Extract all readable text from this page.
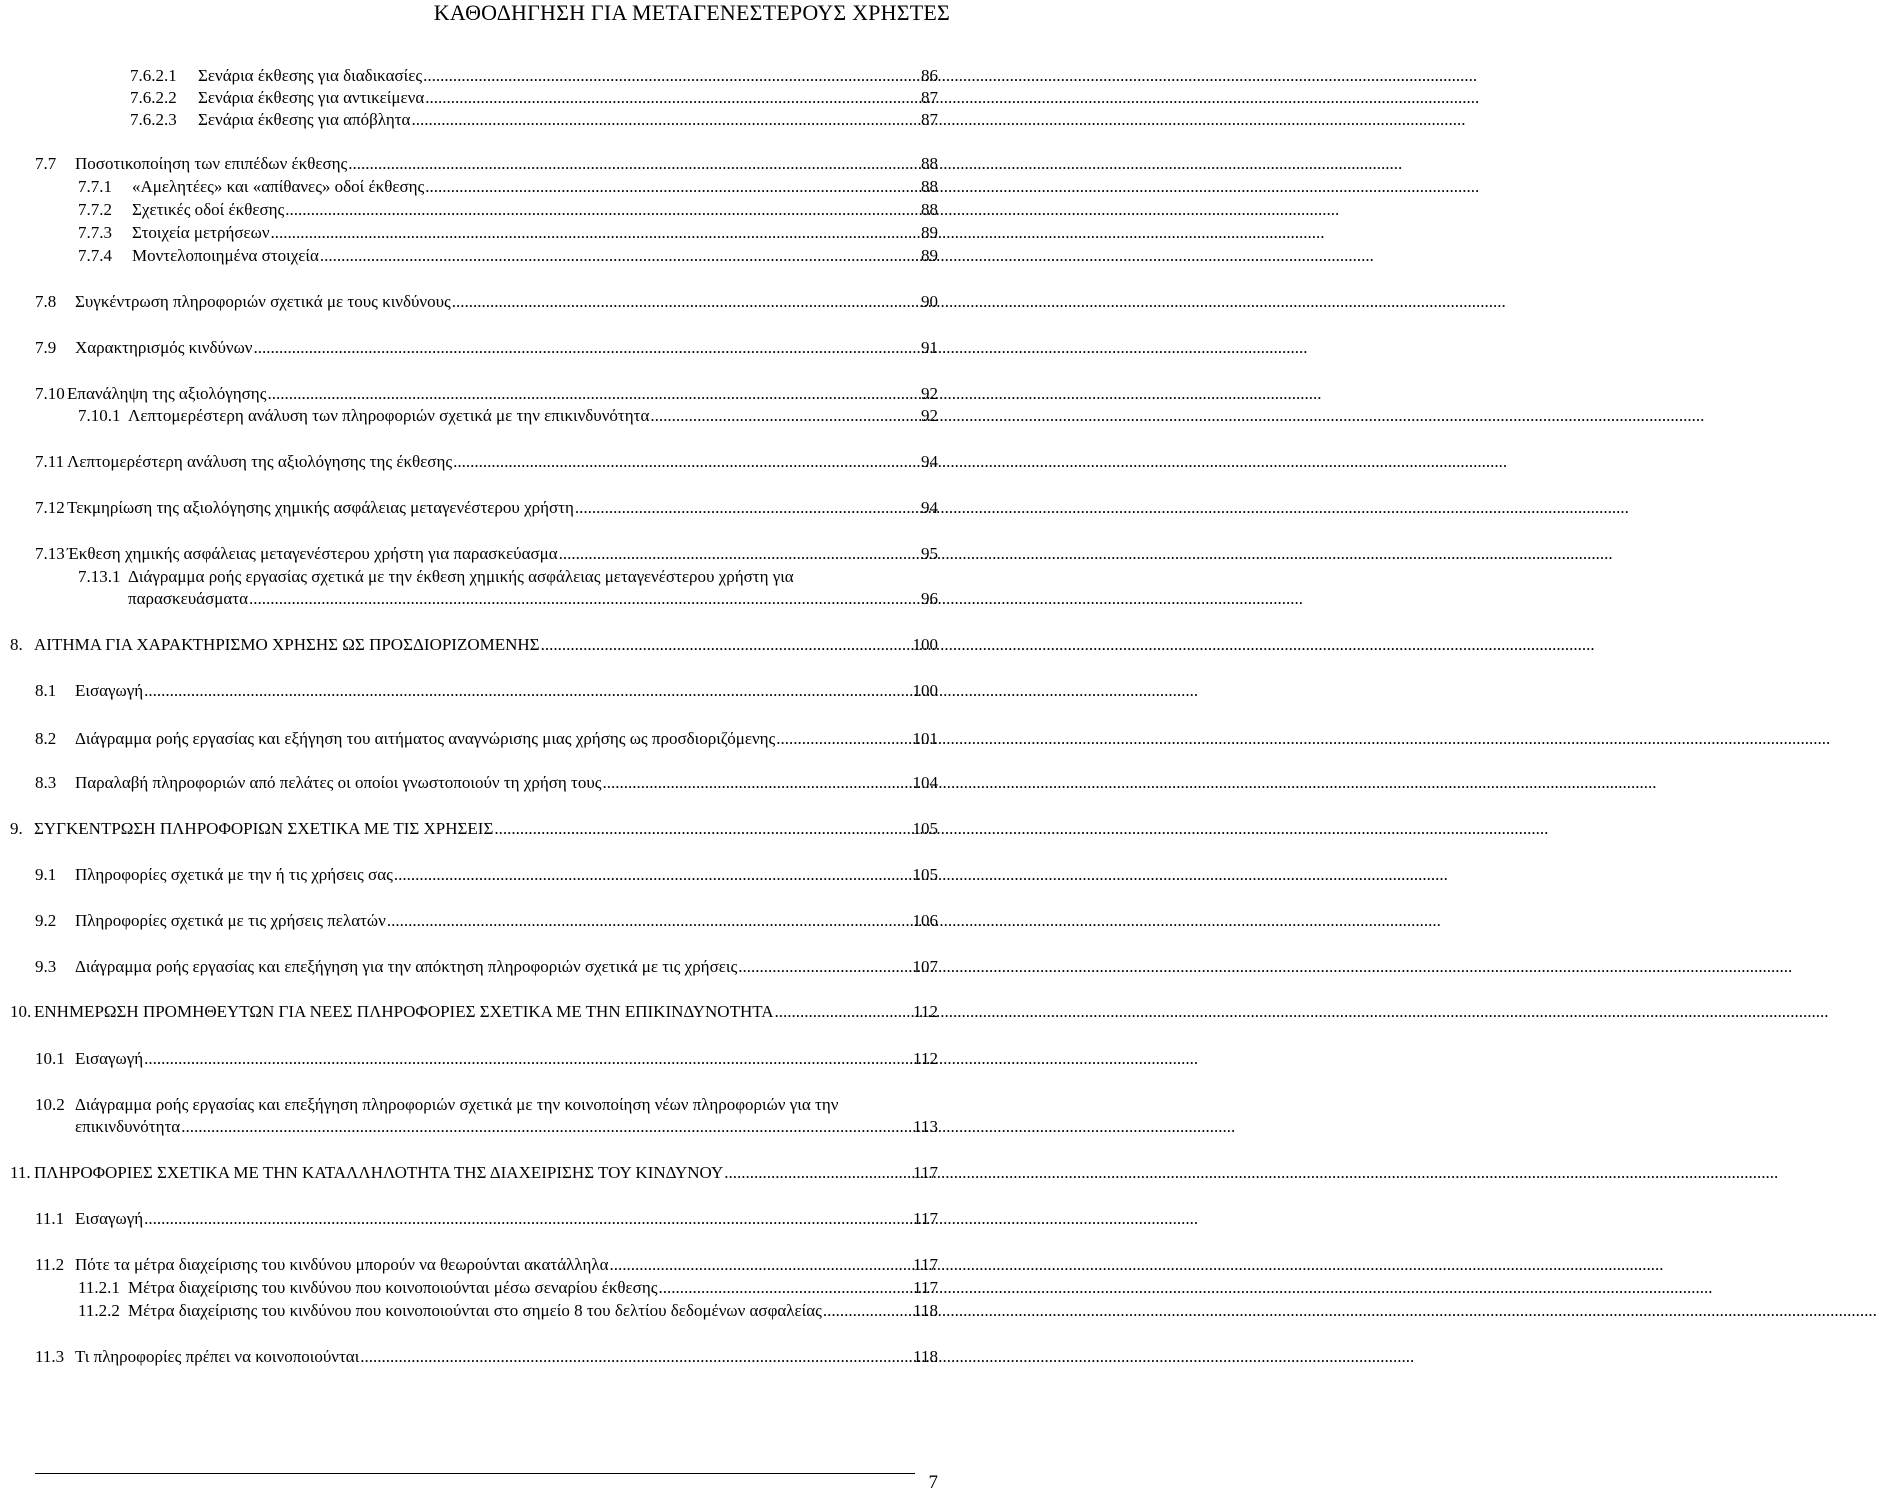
ΚΑΘΟΔΗΓΗΣΗ ΓΙΑ ΜΕΤΑΓΕΝΕΣΤΕΡΟΥΣ ΧΡΗΣΤΕΣ
7.6.2.1	Σενάρια έκθεσης για διαδικασίες .....	86
7.6.2.2	Σενάρια έκθεσης για αντικείμενα .....	87
7.6.2.3	Σενάρια έκθεσης για απόβλητα .....	87
7.7	Ποσοτικοποίηση των επιπέδων έκθεσης .....	88
7.7.1	«Αμελητέες» και «απίθανες» οδοί έκθεσης .....	88
7.7.2	Σχετικές οδοί έκθεσης .....	88
7.7.3	Στοιχεία μετρήσεων .....	89
7.7.4	Μοντελοποιημένα στοιχεία .....	89
7.8	Συγκέντρωση πληροφοριών σχετικά με τους κινδύνους .....	90
7.9	Χαρακτηρισμός κινδύνων .....	91
7.10 Επανάληψη της αξιολόγησης .....	92
7.10.1 Λεπτομερέστερη ανάλυση των πληροφοριών σχετικά με την επικινδυνότητα .....	92
7.11 Λεπτομερέστερη ανάλυση της αξιολόγησης της έκθεσης .....	94
7.12 Τεκμηρίωση της αξιολόγησης χημικής ασφάλειας μεταγενέστερου χρήστη .....	94
7.13 Έκθεση χημικής ασφάλειας μεταγενέστερου χρήστη για παρασκεύασμα .....	95
7.13.1 Διάγραμμα ροής εργασίας σχετικά με την έκθεση χημικής ασφάλειας μεταγενέστερου χρήστη για
παρασκευάσματα .....	96
8. ΑΙΤΗΜΑ ΓΙΑ ΧΑΡΑΚΤΗΡΙΣΜΟ ΧΡΗΣΗΣ ΩΣ ΠΡΟΣΔΙΟΡΙΖΟΜΕΝΗΣ .....	100
8.1	Εισαγωγή .....	100
8.2	Διάγραμμα ροής εργασίας και εξήγηση του αιτήματος αναγνώρισης μιας χρήσης ως προσδιοριζόμενης .....	101
8.3	Παραλαβή πληροφοριών από πελάτες οι οποίοι γνωστοποιούν τη χρήση τους .....	104
9. ΣΥΓΚΕΝΤΡΩΣΗ ΠΛΗΡΟΦΟΡΙΩΝ ΣΧΕΤΙΚΑ ΜΕ ΤΙΣ ΧΡΗΣΕΙΣ .....	105
9.1	Πληροφορίες σχετικά με την ή τις χρήσεις σας .....	105
9.2	Πληροφορίες σχετικά με τις χρήσεις πελατών .....	106
9.3	Διάγραμμα ροής εργασίας και επεξήγηση για την απόκτηση πληροφοριών σχετικά με τις χρήσεις .....	107
10. ΕΝΗΜΕΡΩΣΗ ΠΡΟΜΗΘΕΥΤΩΝ ΓΙΑ ΝΕΕΣ ΠΛΗΡΟΦΟΡΙΕΣ ΣΧΕΤΙΚΑ ΜΕ ΤΗΝ ΕΠΙΚΙΝΔΥΝΟΤΗΤΑ .....	112
10.1 Εισαγωγή .....	112
10.2 Διάγραμμα ροής εργασίας και επεξήγηση πληροφοριών σχετικά με την κοινοποίηση νέων πληροφοριών για την
επικινδυνότητα .....	113
11. ΠΛΗΡΟΦΟΡΙΕΣ ΣΧΕΤΙΚΑ ΜΕ ΤΗΝ ΚΑΤΑΛΛΗΛΟΤΗΤΑ ΤΗΣ ΔΙΑΧΕΙΡΙΣΗΣ ΤΟΥ ΚΙΝΔΥΝΟΥ .....	117
11.1 Εισαγωγή .....	117
11.2 Πότε τα μέτρα διαχείρισης του κινδύνου μπορούν να θεωρούνται ακατάλληλα .....	117
11.2.1 Μέτρα διαχείρισης του κινδύνου που κοινοποιούνται μέσω σεναρίου έκθεσης .....	117
11.2.2 Μέτρα διαχείρισης του κινδύνου που κοινοποιούνται στο σημείο 8 του δελτίου δεδομένων ασφαλείας .....	118
11.3 Τι πληροφορίες πρέπει να κοινοποιούνται .....	118
7
